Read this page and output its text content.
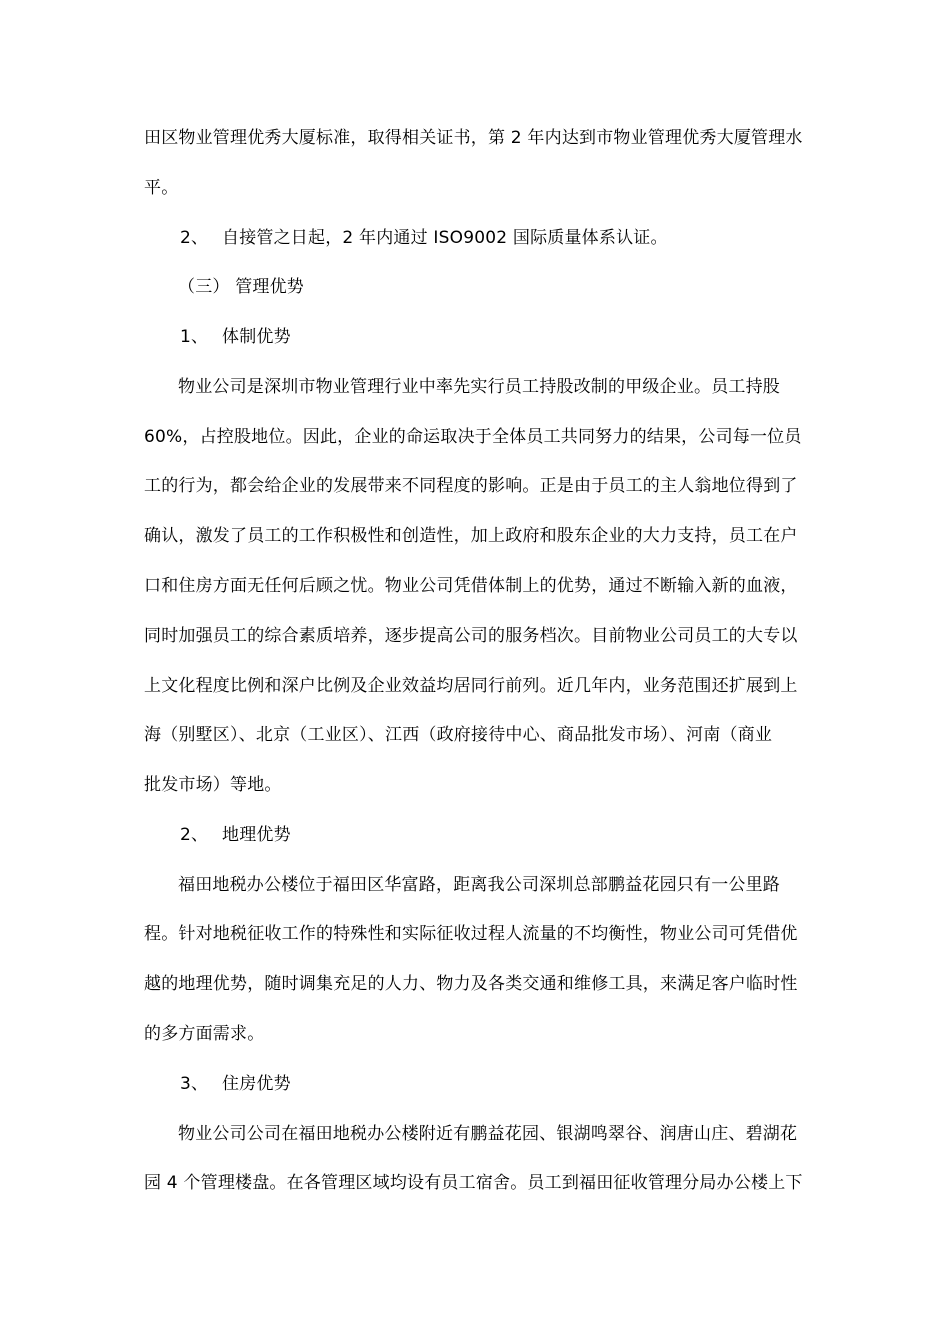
田区物业管理优秀大厦标准，取得相关证书，第 2 年内达到市物业管理优秀大厦管理水
平。
2、 自接管之日起，2 年内通过 ISO9002 国际质量体系认证。
（三） 管理优势
1、 体制优势
物业公司是深圳市物业管理行业中率先实行员工持股改制的甲级企业。员工持股
60%，占控股地位。因此，企业的命运取决于全体员工共同努力的结果，公司每一位员
工的行为，都会给企业的发展带来不同程度的影响。正是由于员工的主人翁地位得到了
确认，激发了员工的工作积极性和创造性，加上政府和股东企业的大力支持，员工在户
口和住房方面无任何后顾之忧。物业公司凭借体制上的优势，通过不断输入新的血液，
同时加强员工的综合素质培养，逐步提高公司的服务档次。目前物业公司员工的大专以
上文化程度比例和深户比例及企业效益均居同行前列。近几年内，业务范围还扩展到上
海（别墅区）、北京（工业区）、江西（政府接待中心、商品批发市场）、河南（商业
批发市场）等地。
2、 地理优势
福田地税办公楼位于福田区华富路，距离我公司深圳总部鹏益花园只有一公里路
程。针对地税征收工作的特殊性和实际征收过程人流量的不均衡性，物业公司可凭借优
越的地理优势，随时调集充足的人力、物力及各类交通和维修工具，来满足客户临时性
的多方面需求。
3、 住房优势
物业公司公司在福田地税办公楼附近有鹏益花园、银湖鸣翠谷、润唐山庄、碧湖花
园 4 个管理楼盘。在各管理区域均设有员工宿舍。员工到福田征收管理分局办公楼上下
